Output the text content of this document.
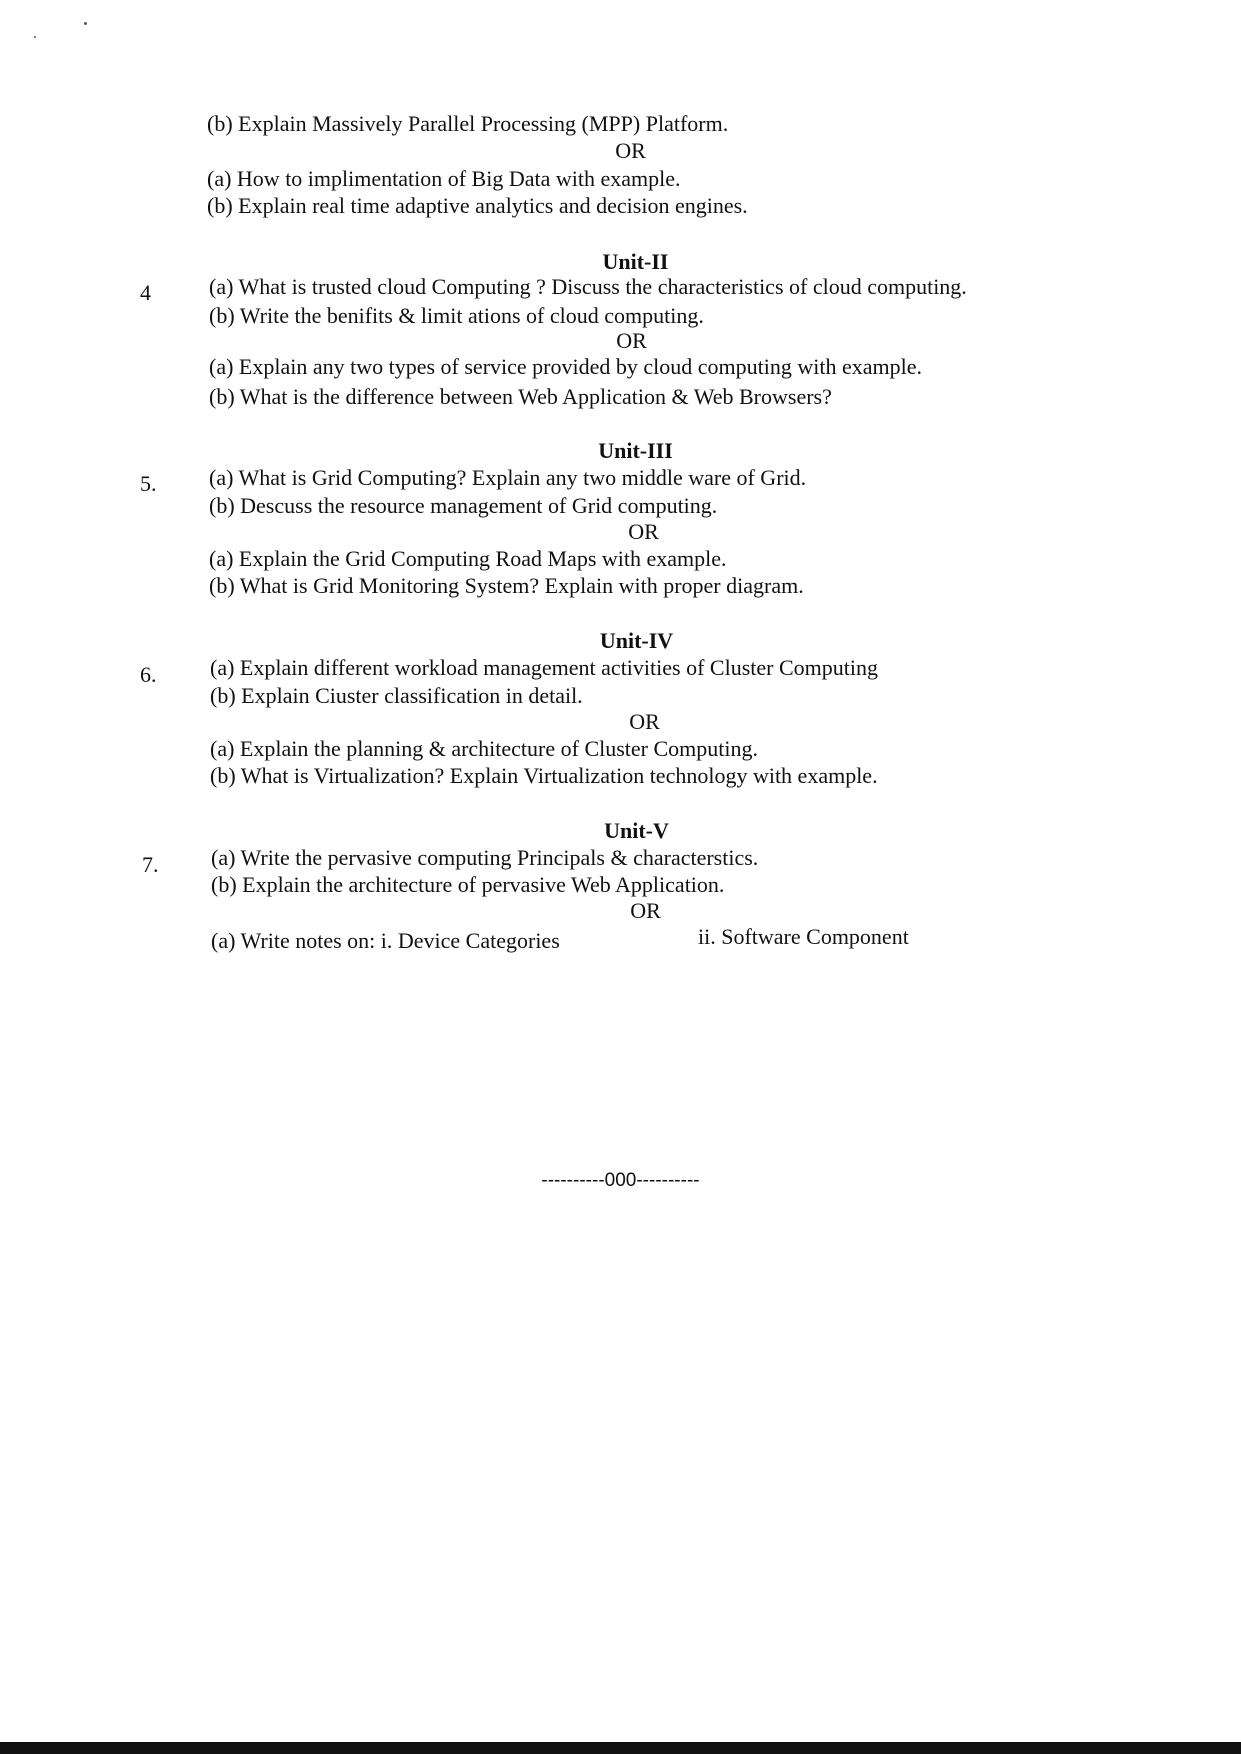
(b) Explain Massively Parallel Processing (MPP) Platform.
OR
(a) How to implimentation of Big Data with example.
(b) Explain real time adaptive analytics and decision engines.
Unit-II
4	(a) What is trusted cloud Computing ? Discuss the characteristics of cloud computing.
(b) Write the benifits & limit ations of cloud computing.
OR
(a) Explain any two types of service provided by cloud computing with example.
(b) What is the difference between Web Application & Web Browsers?
Unit-III
5. (a) What is Grid Computing? Explain any two middle ware of Grid.
(b) Descuss the resource management of Grid computing.
OR
(a) Explain the Grid Computing Road Maps with example.
(b) What is Grid Monitoring System? Explain with proper diagram.
Unit-IV
6. (a) Explain different workload management activities of Cluster Computing
(b) Explain Ciuster classification in detail.
OR
(a) Explain the planning & architecture of Cluster Computing.
(b) What is Virtualization? Explain Virtualization technology with example.
Unit-V
7. (a) Write the pervasive computing Principals & characterstics.
(b) Explain the architecture of pervasive Web Application.
OR
(a) Write notes on: i. Device Categories	ii. Software Component
----------000----------
